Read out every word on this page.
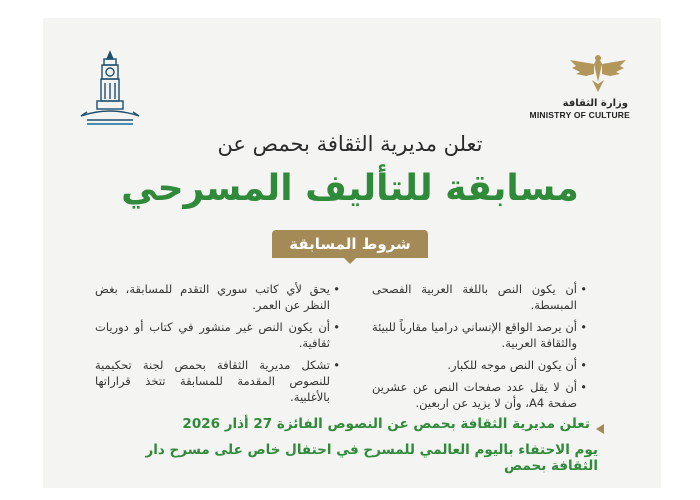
وزارة الثقافة
MINISTRY OF CULTURE
تعلن مديرية الثقافة بحمص عن
مسابقة للتأليف المسرحي
شروط المسابقة
• أن يكون النص باللغة العربية الفصحى المبسطة.
• أن يرصد الواقع الإنساني دراميا مقارباً للبيئة والثقافة العربية.
• أن يكون النص موجه للكبار.
• أن لا يقل عدد صفحات النص عن عشرين صفحة A4، وأن لا يزيد عن اربعين.
• يحق لأي كاتب سوري التقدم للمسابقة، بغض النظر عن العمر.
• أن يكون النص غير منشور في كتاب أو دوريات ثقافية.
• تشكل مديرية الثقافة بحمص لجنة تحكيمية للنصوص المقدمة للمسابقة تتخذ قراراتها بالأغلبية.
تعلن مديرية الثقافة بحمص عن النصوص الفائزة 27 أذار 2026
يوم الاحتفاء باليوم العالمي للمسرح في احتفال خاص على مسرح دار الثقافة بحمص
